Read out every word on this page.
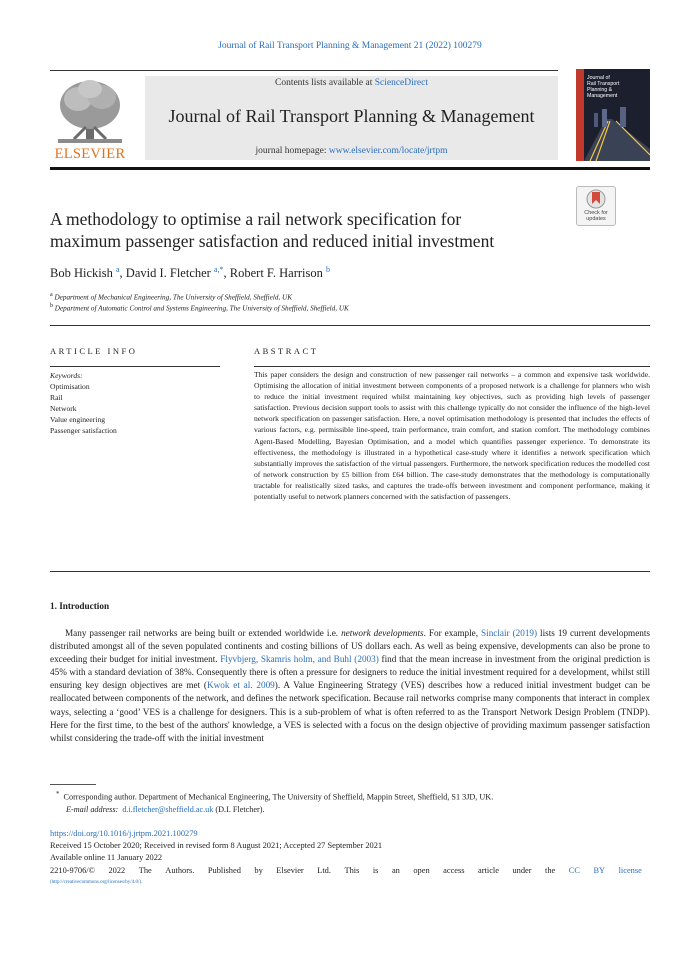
Journal of Rail Transport Planning & Management 21 (2022) 100279
ELSEVIER
Contents lists available at ScienceDirect
Journal of Rail Transport Planning & Management
journal homepage: www.elsevier.com/locate/jrtpm
Journal of
Rail Transport
Planning &
Management
Check for updates
A methodology to optimise a rail network specification for
maximum passenger satisfaction and reduced initial investment
Bob Hickish $^a$, David I. Fletcher $^{a,*}$, Robert F. Harrison $^b$
$^a$ Department of Mechanical Engineering, The University of Sheffield, Sheffield, UK
$^b$ Department of Automatic Control and Systems Engineering, The University of Sheffield, Sheffield, UK
ARTICLE INFO	ABSTRACT
Keywords:
Optimisation
Rail
Network
Value engineering
Passenger satisfaction
This paper considers the design and construction of new passenger rail networks – a common and expensive task worldwide. Optimising the allocation of initial investment between components of a proposed network is a challenge for planners who wish to reduce the initial investment required whilst maintaining key objectives, such as providing high levels of passenger satisfaction. Previous decision support tools to assist with this challenge typically do not consider the influence of the high-level network specification on passenger satisfaction. Here, a novel optimisation methodology is presented that includes the effects of various factors, e.g. permissible line-speed, train performance, train comfort, and station comfort. The methodology combines Agent-Based Modelling, Bayesian Optimisation, and a model which quantifies passenger experience. To demonstrate its effectiveness, the methodology is illustrated in a hypothetical case-study where it identifies a network specification which substantially improves the satisfaction of the virtual passengers. Furthermore, the network specification reduces the modelled cost of network construction by £5 billion from £64 billion. The case-study demonstrates that the methodology is computationally tractable for realistically sized tasks, and captures the trade-offs between investment and component performance, making it potentially useful to network planners concerned with the satisfaction of passengers.
1. Introduction
Many passenger rail networks are being built or extended worldwide i.e. network developments. For example, Sinclair (2019) lists 19 current developments distributed amongst all of the seven populated continents and costing billions of US dollars each. As well as being expensive, developments can also be prone to exceeding their budget for initial investment. Flyvbjerg, Skamris holm, and Buhl (2003) find that the mean increase in investment from the original prediction is 45% with a standard deviation of 38%. Consequently there is often a pressure for designers to reduce the initial investment required for a development, whilst still ensuring key design objectives are met (Kwok et al. 2009). A Value Engineering Strategy (VES) describes how a reduced initial investment budget can be reallocated between components of the network, and defines the network specification. Because rail networks comprise many components that interact in complex ways, selecting a ‘good’ VES is a challenge for designers. This is a sub-problem of what is often referred to as the Transport Network Design Problem (TNDP). Here for the first time, to the best of the authors' knowledge, a VES is selected with a focus on the design objective of providing maximum passenger satisfaction whilst considering the trade-off with the initial investment
* Corresponding author. Department of Mechanical Engineering, The University of Sheffield, Mappin Street, Sheffield, S1 3JD, UK.
E-mail address: d.i.fletcher@sheffield.ac.uk (D.I. Fletcher).
https://doi.org/10.1016/j.jrtpm.2021.100279
Received 15 October 2020; Received in revised form 8 August 2021; Accepted 27 September 2021
Available online 11 January 2022
2210-9706/© 2022 The Authors. Published by Elsevier Ltd. This is an open access article under the CC BY license
(http://creativecommons.org/licenses/by/4.0/).
